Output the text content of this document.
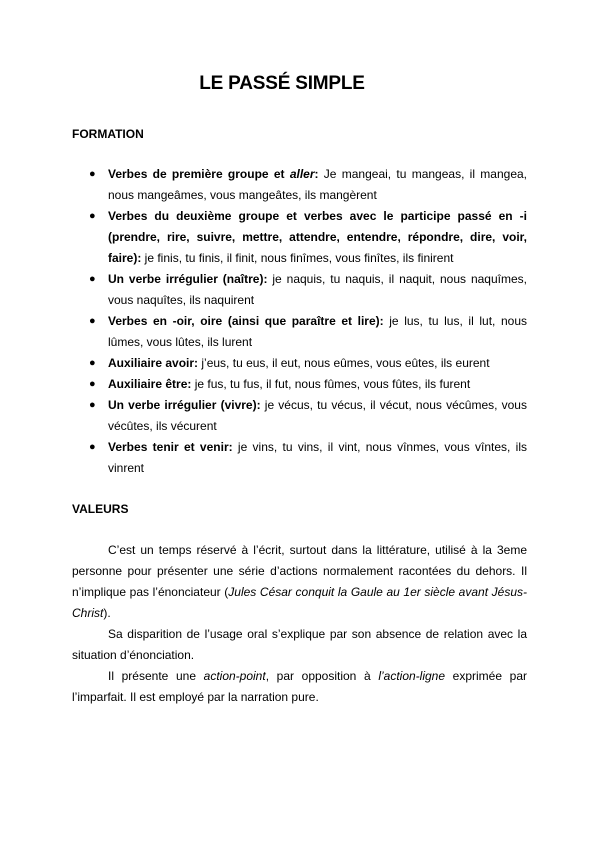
LE PASSÉ SIMPLE
FORMATION
● Verbes de première groupe et aller: Je mangeai, tu mangeas, il mangea, nous mangeâmes, vous mangeâtes, ils mangèrent
● Verbes du deuxième groupe et verbes avec le participe passé en -i (prendre, rire, suivre, mettre, attendre, entendre, répondre, dire, voir, faire): je finis, tu finis, il finit, nous finîmes, vous finîtes, ils finirent
● Un verbe irrégulier (naître): je naquis, tu naquis, il naquit, nous naquîmes, vous naquîtes, ils naquirent
● Verbes en -oir, oire (ainsi que paraître et lire): je lus, tu lus, il lut, nous lûmes, vous lûtes, ils lurent
● Auxiliaire avoir: j’eus, tu eus, il eut, nous eûmes, vous eûtes, ils eurent
● Auxiliaire être: je fus, tu fus, il fut, nous fûmes, vous fûtes, ils furent
● Un verbe irrégulier (vivre): je vécus, tu vécus, il vécut, nous vécûmes, vous vécûtes, ils vécurent
● Verbes tenir et venir: je vins, tu vins, il vint, nous vînmes, vous vîntes, ils vinrent
VALEURS

C’est un temps réservé à l’écrit, surtout dans la littérature, utilisé à la 3eme personne pour présenter une série d’actions normalement racontées du dehors. Il n’implique pas l’énonciateur (Jules César conquit la Gaule au 1er siècle avant Jésus-Christ).

Sa disparition de l’usage oral s’explique par son absence de relation avec la situation d’énonciation.

Il présente une action-point, par opposition à l’action-ligne exprimée par l’imparfait. Il est employé par la narration pure.
